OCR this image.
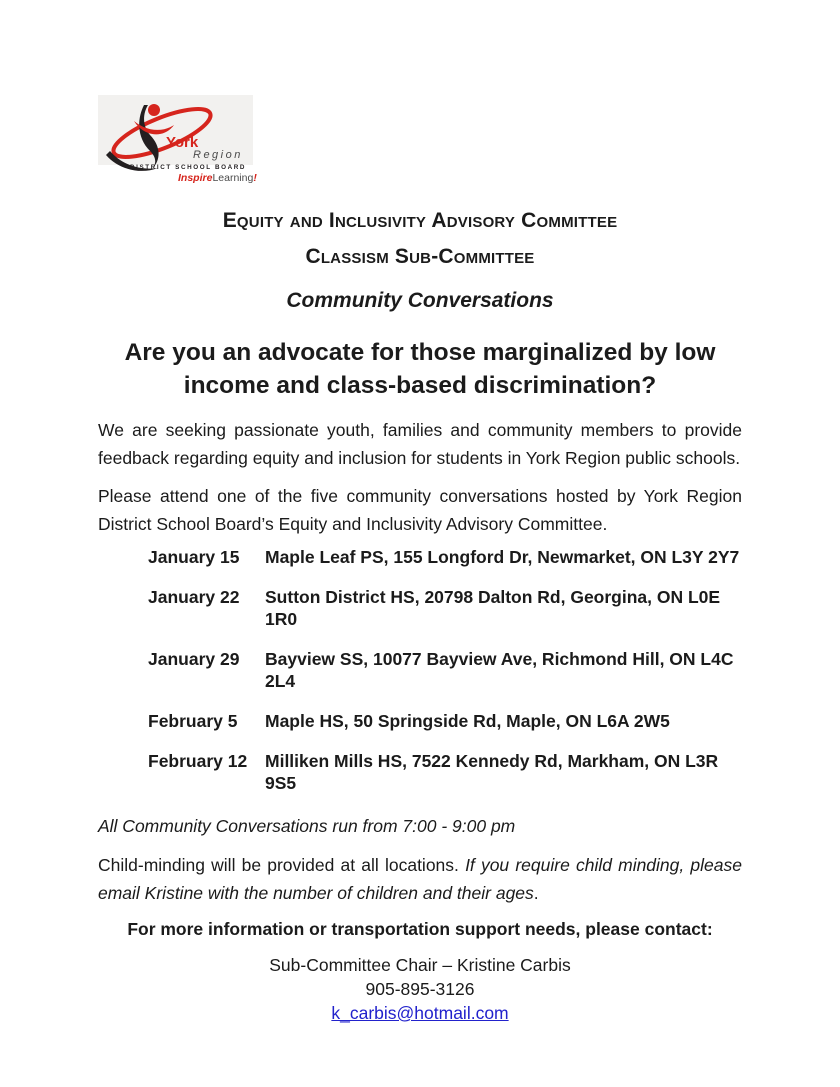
York
Region
DISTRICT SCHOOL BOARD
InspireLearning!
Equity and Inclusivity Advisory Committee
Classism Sub-Committee
Community Conversations
Are you an advocate for those marginalized by low income and class-based discrimination?

We are seeking passionate youth, families and community members to provide feedback regarding equity and inclusion for students in York Region public schools.

Please attend one of the five community conversations hosted by York Region District School Board’s Equity and Inclusivity Advisory Committee.

January 15	Maple Leaf PS, 155 Longford Dr, Newmarket, ON L3Y 2Y7
January 22	Sutton District HS, 20798 Dalton Rd, Georgina, ON L0E 1R0
January 29	Bayview SS, 10077 Bayview Ave, Richmond Hill, ON L4C 2L4
February 5	Maple HS, 50 Springside Rd, Maple, ON L6A 2W5
February 12	Milliken Mills HS, 7522 Kennedy Rd, Markham, ON L3R 9S5

All Community Conversations run from 7:00 - 9:00 pm

Child-minding will be provided at all locations. If you require child minding, please email Kristine with the number of children and their ages.

For more information or transportation support needs, please contact:

Sub-Committee Chair – Kristine Carbis
905-895-3126
k_carbis@hotmail.com
